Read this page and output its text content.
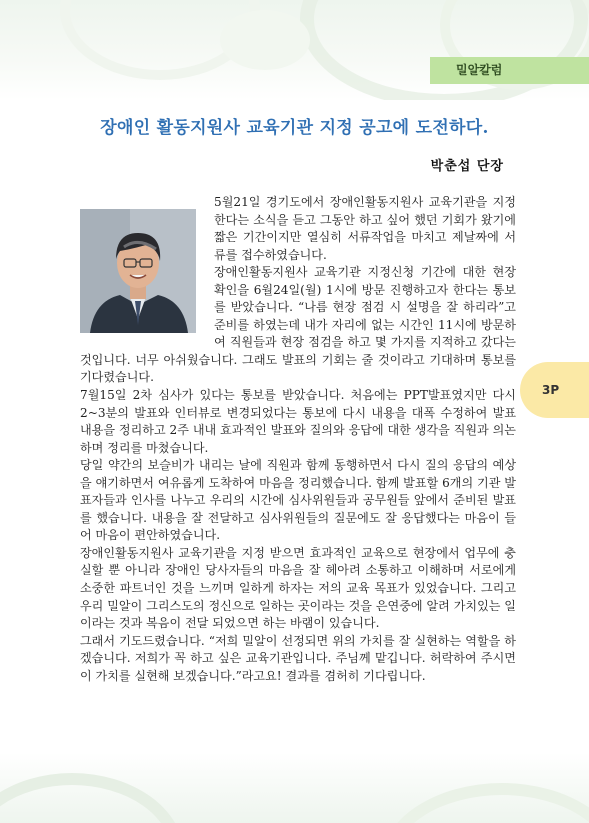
밀알칼럼
장애인 활동지원사 교육기관 지정 공고에 도전하다.
박춘섭 단장

5월21일 경기도에서 장애인활동지원사 교육기관을 지정한다는 소식을 듣고 그동안 하고 싶어 했던 기회가 왔기에 짧은 기간이지만 열심히 서류작업을 마치고 제날짜에 서류를 접수하였습니다.

장애인활동지원사 교육기관 지정신청 기간에 대한 현장 확인을 6월24일(월) 1시에 방문 진행하고자 한다는 통보를 받았습니다. “나름 현장 점검 시 설명을 잘 하리라”고 준비를 하였는데 내가 자리에 없는 시간인 11시에 방문하여 직원들과 현장 점검을 하고 몇 가지를 지적하고 갔다는 것입니다. 너무 아쉬웠습니다. 그래도 발표의 기회는 줄 것이라고 기대하며 통보를 기다렸습니다.

7월15일 2차 심사가 있다는 통보를 받았습니다. 처음에는 PPT발표였지만 다시 2~3분의 발표와 인터뷰로 변경되었다는 통보에 다시 내용을 대폭 수정하여 발표 내용을 정리하고 2주 내내 효과적인 발표와 질의와 응답에 대한 생각을 직원과 의논하며 정리를 마쳤습니다.

당일 약간의 보슬비가 내리는 날에 직원과 함께 동행하면서 다시 질의 응답의 예상을 얘기하면서 여유롭게 도착하여 마음을 정리했습니다. 함께 발표할 6개의 기관 발표자들과 인사를 나누고 우리의 시간에 심사위원들과 공무원들 앞에서 준비된 발표를 했습니다. 내용을 잘 전달하고 심사위원들의 질문에도 잘 응답했다는 마음이 들어 마음이 편안하였습니다.

장애인활동지원사 교육기관을 지정 받으면 효과적인 교육으로 현장에서 업무에 충실할 뿐 아니라 장애인 당사자들의 마음을 잘 헤아려 소통하고 이해하며 서로에게 소중한 파트너인 것을 느끼며 일하게 하자는 저의 교육 목표가 있었습니다. 그리고 우리 밀알이 그리스도의 정신으로 일하는 곳이라는 것을 은연중에 알려 가치있는 일이라는 것과 복음이 전달 되었으면 하는 바램이 있습니다.

그래서 기도드렸습니다. “저희 밀알이 선정되면 위의 가치를 잘 실현하는 역할을 하겠습니다. 저희가 꼭 하고 싶은 교육기관입니다. 주님께 맡깁니다. 허락하여 주시면 이 가치를 실현해 보겠습니다.”라고요! 결과를 겸허히 기다립니다.

3P
